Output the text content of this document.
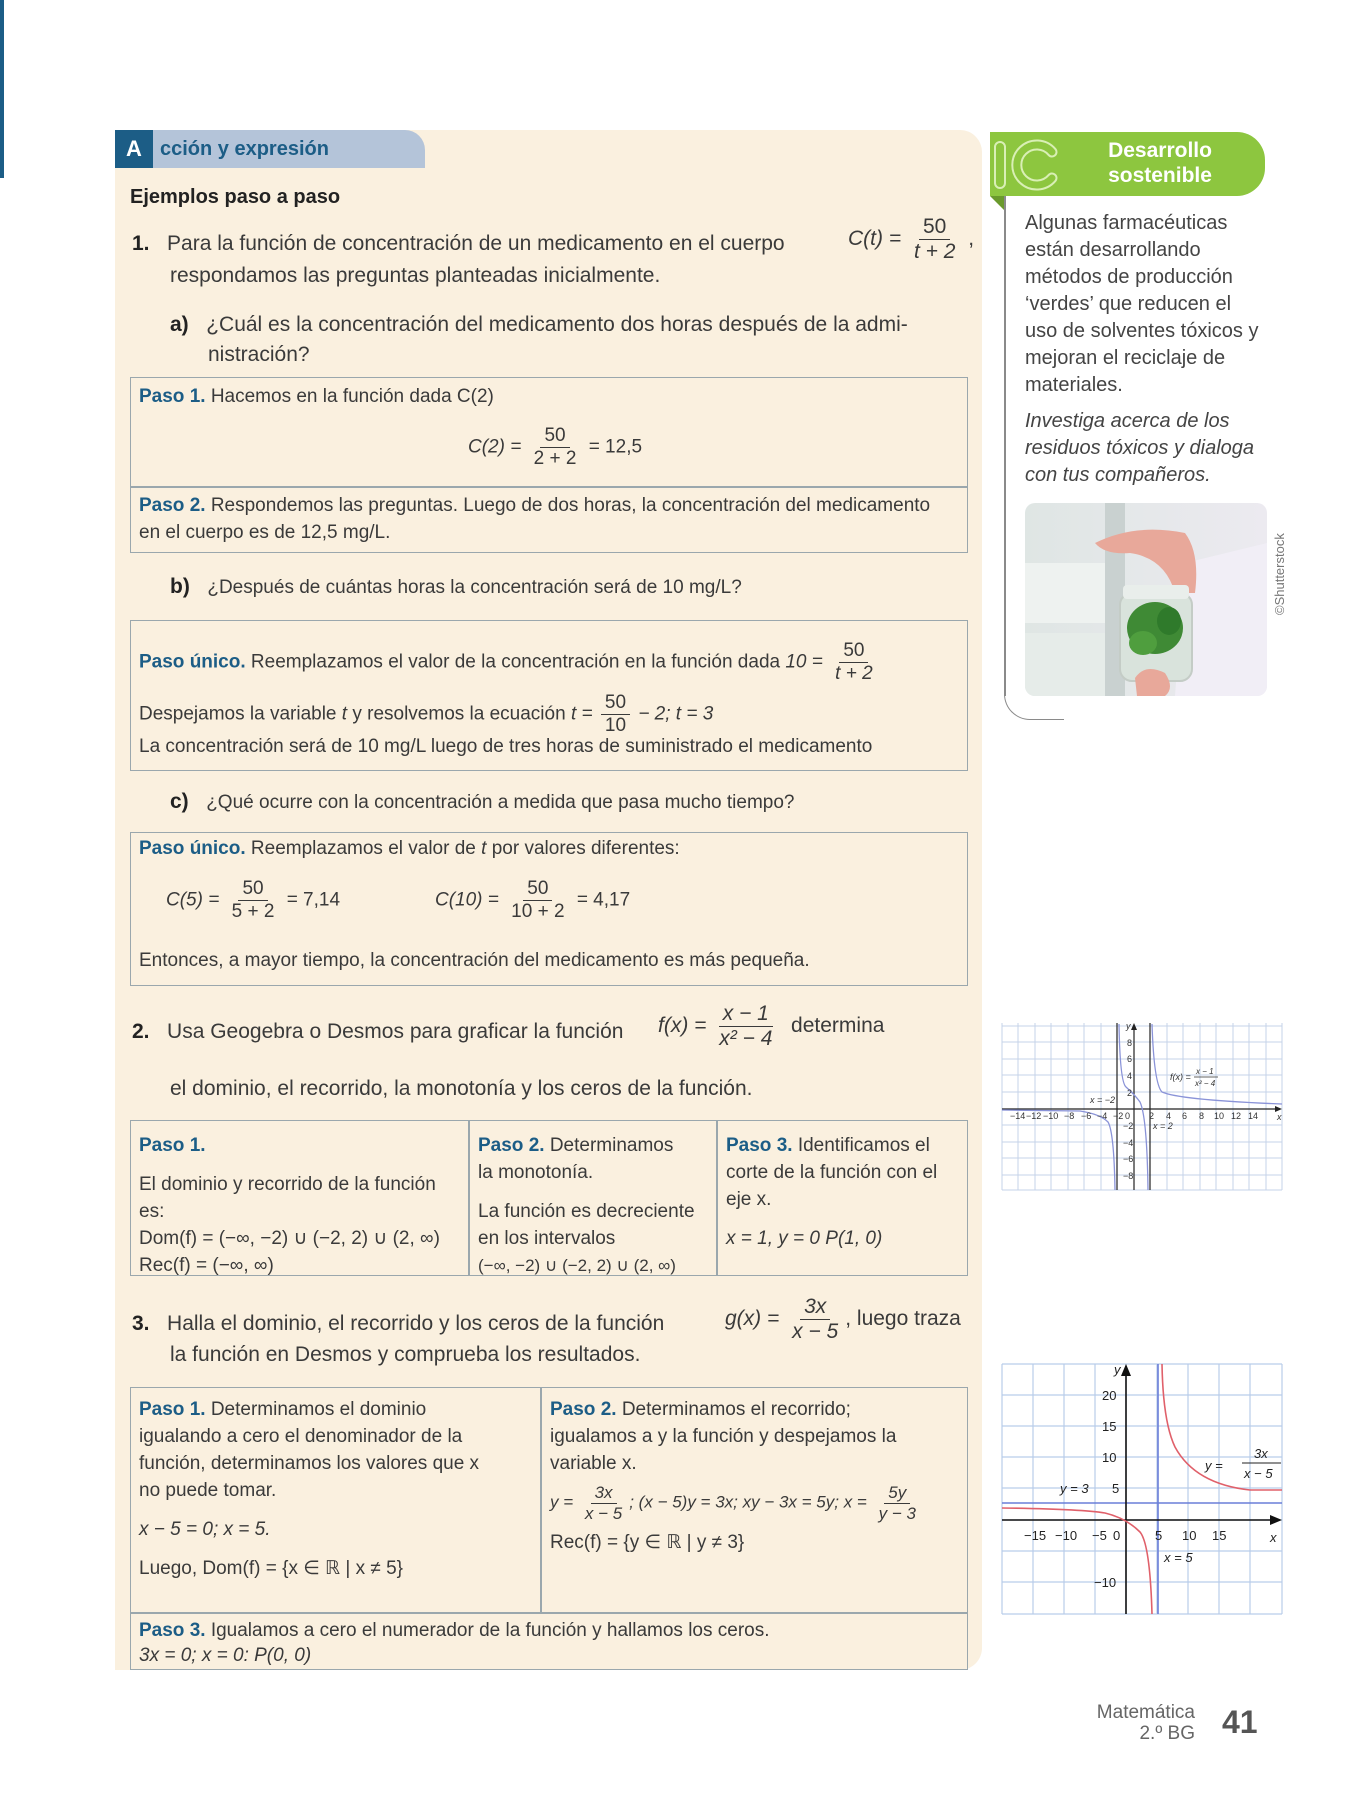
A cción y expresión
Ejemplos paso a paso
1. Para la función de concentración de un medicamento en el cuerpo	$C(t) = \frac{50}{t + 2}$ ,
respondamos las preguntas planteadas inicialmente.
a) ¿Cuál es la concentración del medicamento dos horas después de la admi-
nistración?
Paso 1. Hacemos en la función dada C(2)
$C(2) = \frac{50}{2 + 2} = 12,5$
Paso 2. Respondemos las preguntas. Luego de dos horas, la concentración del medicamento
en el cuerpo es de 12,5 mg/L.
b) ¿Después de cuántas horas la concentración será de 10 mg/L?
Paso único. Reemplazamos el valor de la concentración en la función dada $10 = \frac{50}{t + 2}$
Despejamos la variable t y resolvemos la ecuación $t = \frac{50}{10} - 2$; t = 3
La concentración será de 10 mg/L luego de tres horas de suministrado el medicamento
c) ¿Qué ocurre con la concentración a medida que pasa mucho tiempo?
Paso único. Reemplazamos el valor de t por valores diferentes:
$C(5) = \frac{50}{5 + 2} = 7,14$	$C(10) = \frac{50}{10 + 2} = 4,17$
Entonces, a mayor tiempo, la concentración del medicamento es más pequeña.
2. Usa Geogebra o Desmos para graficar la función $f(x) = \frac{x - 1}{\text{x² − 4}}$ determina
el dominio, el recorrido, la monotonía y los ceros de la función.
Paso 1.
El dominio y recorrido de la función
es:
Dom(f) = (−∞, −2) ∪ (−2, 2) ∪ (2, ∞)
Rec(f) = (−∞, ∞)
Paso 2. Determinamos
la monotonía.
La función es decreciente
en los intervalos
(−∞, −2) ∪ (−2, 2) ∪ (2, ∞)
Paso 3. Identificamos el
corte de la función con el
eje x.
x = 1, y = 0 P(1, 0)
3. Halla el dominio, el recorrido y los ceros de la función	$g(x) = \frac{3x}{x - 5}$ , luego traza
la función en Desmos y comprueba los resultados.
Paso 1. Determinamos el dominio
igualando a cero el denominador de la
función, determinamos los valores que x
no puede tomar.
x − 5 = 0; x = 5.
Luego, Dom(f) = {x ∈ ℝ | x ≠ 5}
Paso 2. Determinamos el recorrido;
igualamos a y la función y despejamos la
variable x.
$y = \frac{3x}{x - 5}$ ; (x − 5)y = 3x; xy − 3x = 5y; $x = \frac{5y}{y - 3}$
Rec(f) = {y ∈ ℝ | y ≠ 3}
Paso 3. Igualamos a cero el numerador de la función y hallamos los ceros.
3x = 0; x = 0: P(0, 0)
Desarrollo
sostenible
Algunas farmacéuticas están desarrollando métodos de producción ‘verdes’ que reducen el uso de solventes tóxicos y mejoran el reciclaje de materiales.
Investiga acerca de los residuos tóxicos y dialoga con tus compañeros.
©Shutterstock
−14 −12 −10 −8 −6 −4 −2 0 2 4 6 8 10 12 14 x
y
8
6
4
2
−2
−4
−6
−8
x = −2
x = 2
f(x) =
x − 1
x² − 4
−15 −10 −5 0	5 10 15	x
y
20
15
10
5
−10
y = 3
x = 5
y =
3x
x − 5
Matemática
2.º BG 41
